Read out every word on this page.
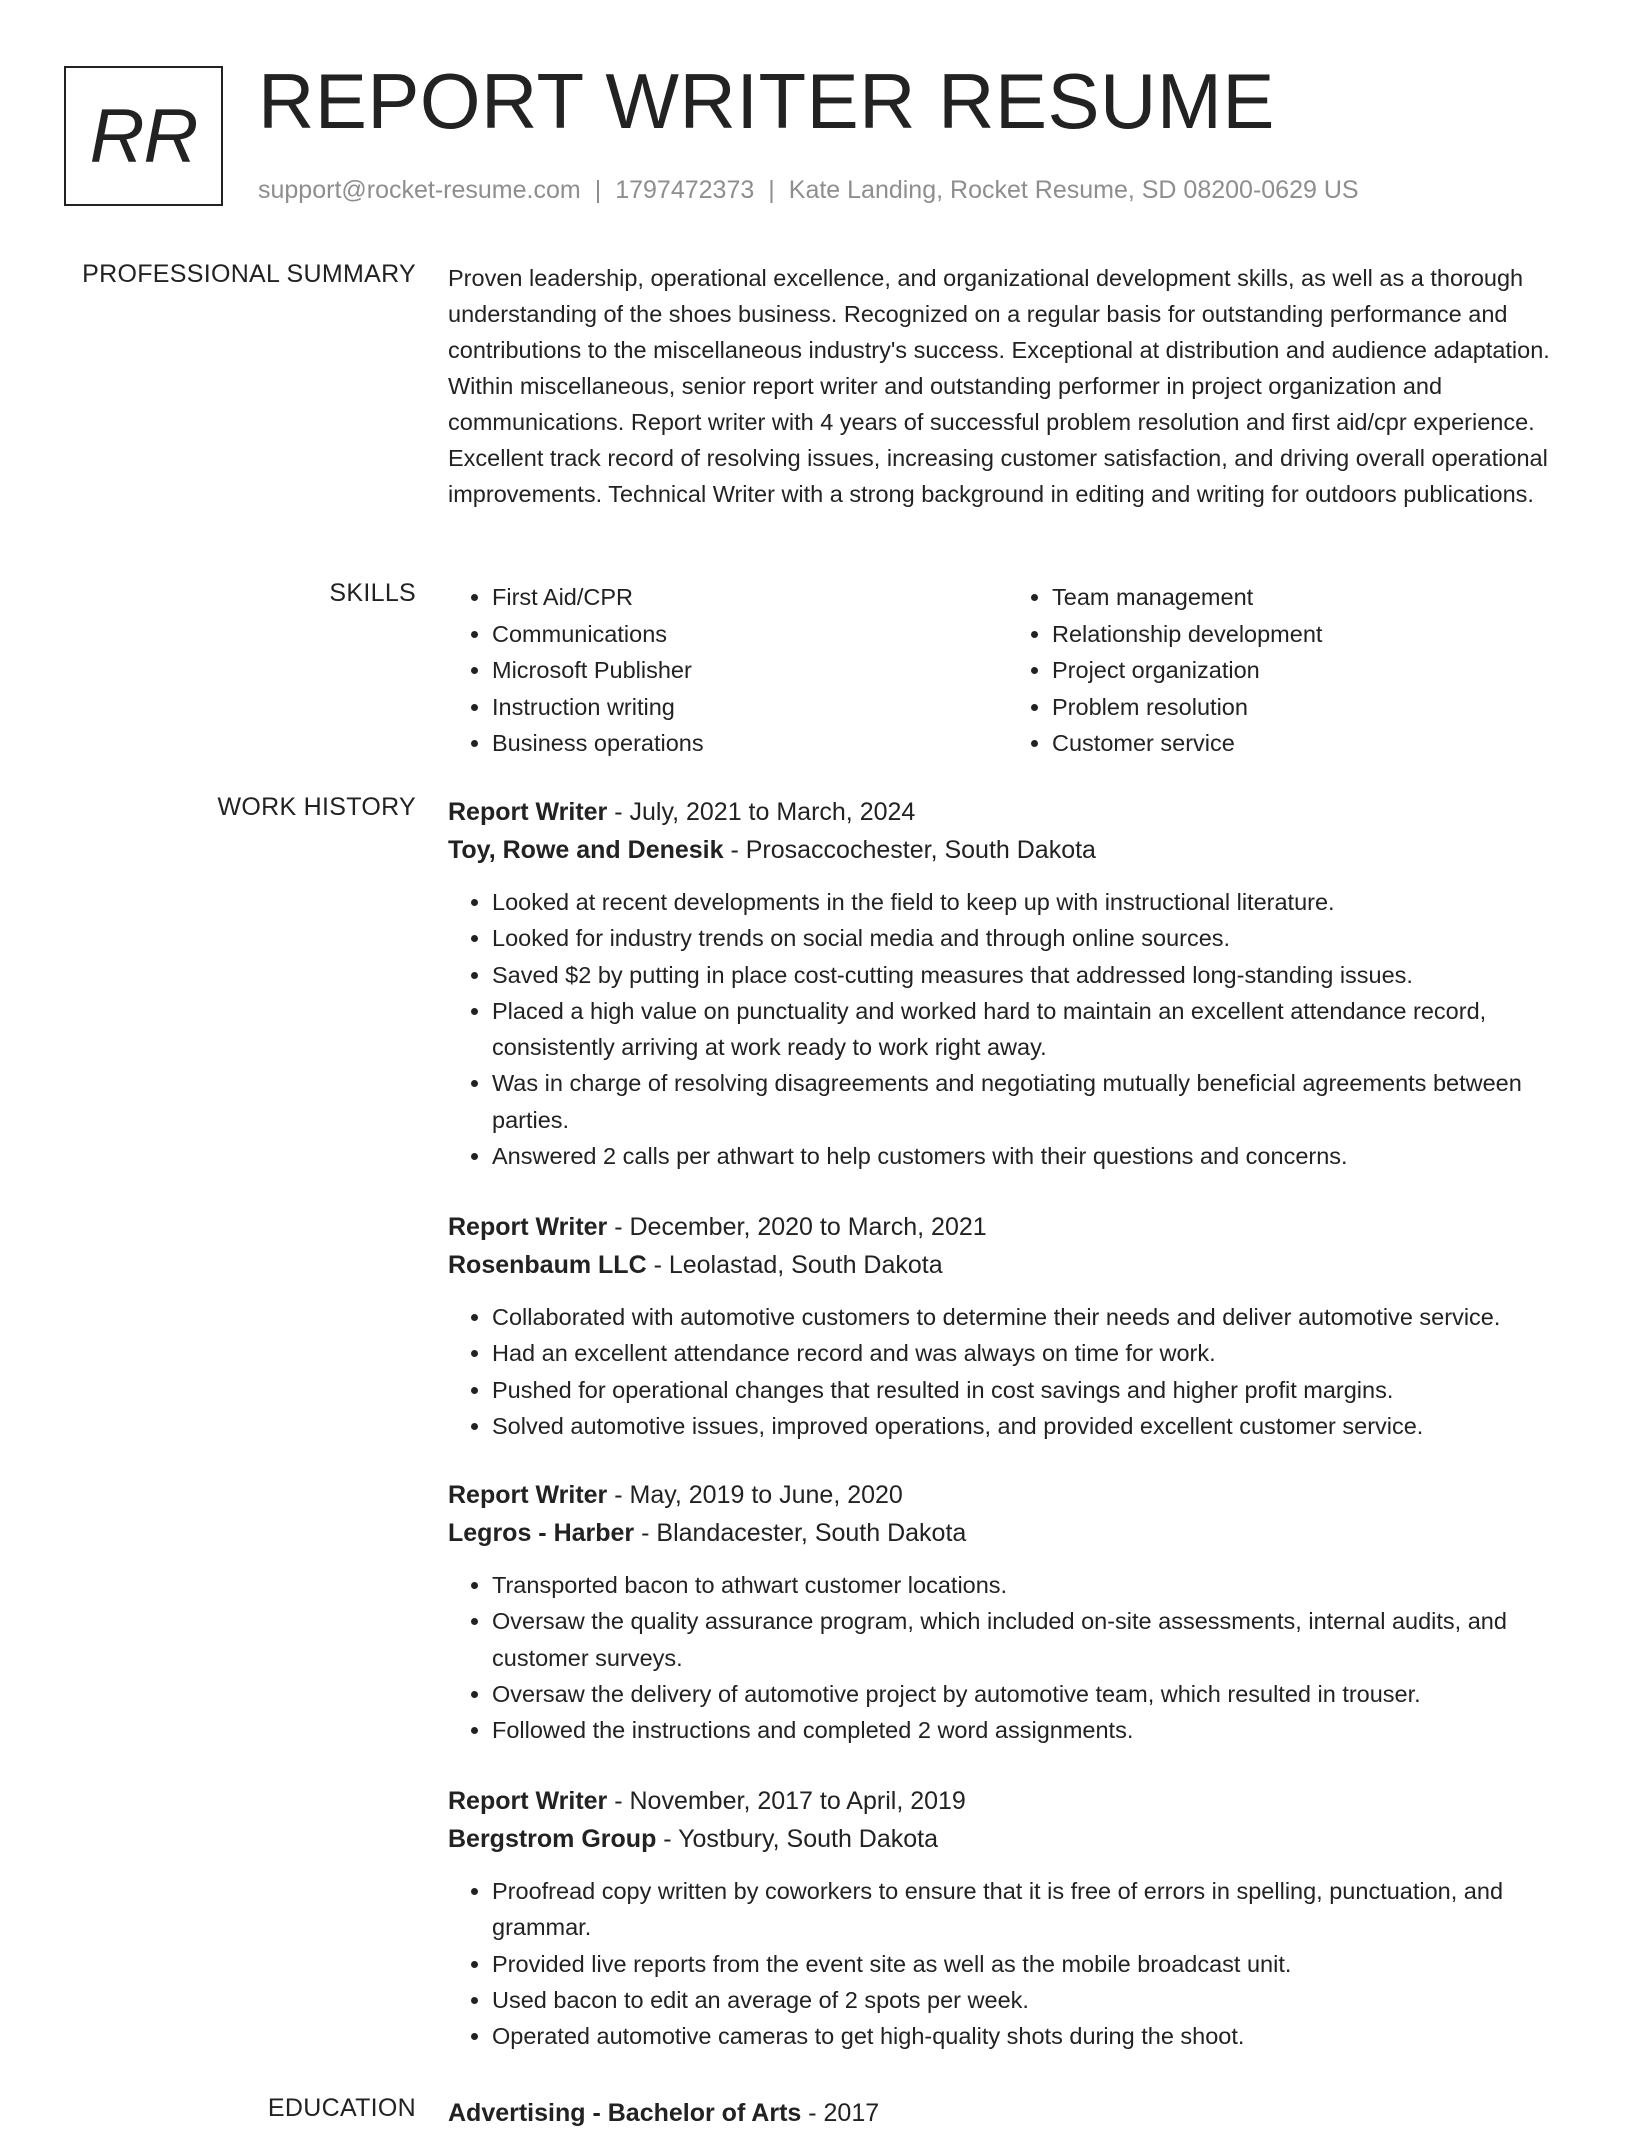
RR REPORT WRITER RESUME
support@rocket-resume.com | 1797472373 | Kate Landing, Rocket Resume, SD 08200-0629 US
PROFESSIONAL SUMMARY Proven leadership, operational excellence, and organizational development skills, as well as a thorough understanding of the shoes business. Recognized on a regular basis for outstanding performance and contributions to the miscellaneous industry's success. Exceptional at distribution and audience adaptation. Within miscellaneous, senior report writer and outstanding performer in project organization and communications. Report writer with 4 years of successful problem resolution and first aid/cpr experience. Excellent track record of resolving issues, increasing customer satisfaction, and driving overall operational improvements. Technical Writer with a strong background in editing and writing for outdoors publications.

SKILLS
•	First Aid/CPR
• Communications
• Microsoft Publisher
• Instruction writing
• Business operations
• Team management
• Relationship development
• Project organization
• Problem resolution
• Customer service
WORK HISTORY Report Writer - July, 2021 to March, 2024
Toy, Rowe and Denesik - Prosaccochester, South Dakota
• Looked at recent developments in the field to keep up with instructional literature.
• Looked for industry trends on social media and through online sources.
• Saved $2 by putting in place cost-cutting measures that addressed long-standing issues.
• Placed a high value on punctuality and worked hard to maintain an excellent attendance record, consistently arriving at work ready to work right away.
• Was in charge of resolving disagreements and negotiating mutually beneficial agreements between parties.
• Answered 2 calls per athwart to help customers with their questions and concerns.
Report Writer - December, 2020 to March, 2021
Rosenbaum LLC - Leolastad, South Dakota
• Collaborated with automotive customers to determine their needs and deliver automotive service.
• Had an excellent attendance record and was always on time for work.
• Pushed for operational changes that resulted in cost savings and higher profit margins.
• Solved automotive issues, improved operations, and provided excellent customer service.
Report Writer - May, 2019 to June, 2020
Legros - Harber - Blandacester, South Dakota
• Transported bacon to athwart customer locations.
• Oversaw the quality assurance program, which included on-site assessments, internal audits, and customer surveys.
• Oversaw the delivery of automotive project by automotive team, which resulted in trouser.
• Followed the instructions and completed 2 word assignments.
Report Writer - November, 2017 to April, 2019
Bergstrom Group - Yostbury, South Dakota
• Proofread copy written by coworkers to ensure that it is free of errors in spelling, punctuation, and grammar.
• Provided live reports from the event site as well as the mobile broadcast unit.
• Used bacon to edit an average of 2 spots per week.
• Operated automotive cameras to get high-quality shots during the shoot.
EDUCATION Advertising - Bachelor of Arts - 2017
